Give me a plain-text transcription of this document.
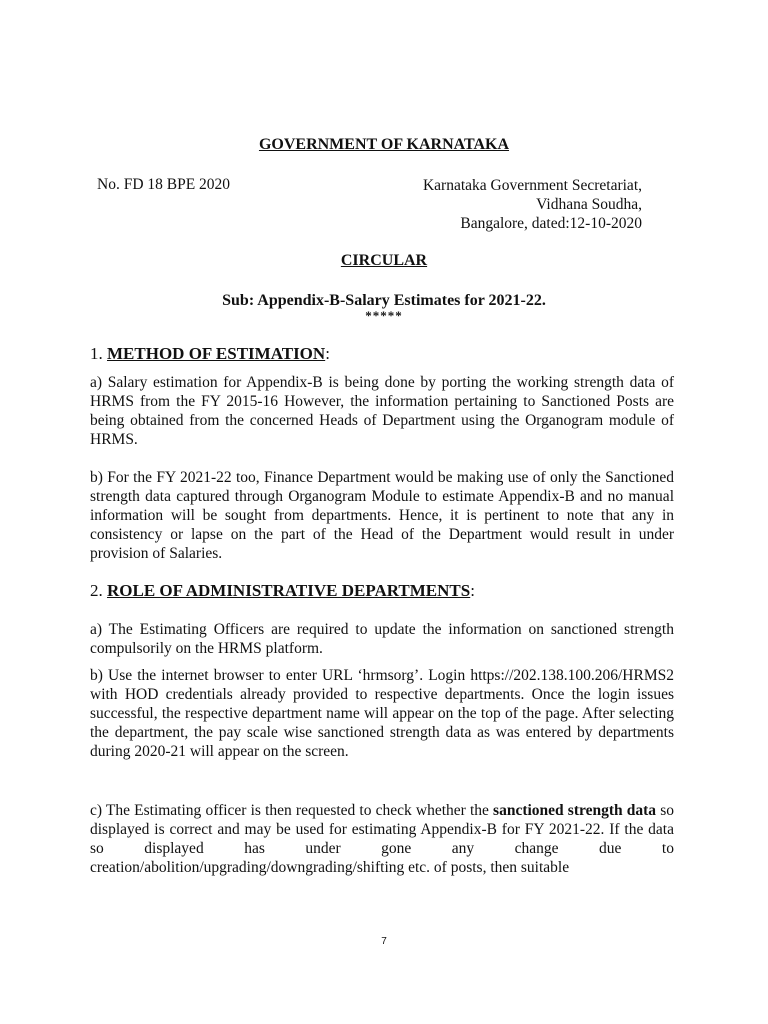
GOVERNMENT OF KARNATAKA
No. FD 18 BPE 2020	Karnataka Government Secretariat,
Vidhana Soudha,
Bangalore, dated:12-10-2020
CIRCULAR
Sub: Appendix-B-Salary Estimates for 2021-22.
*****
1. METHOD OF ESTIMATION:
a) Salary estimation for Appendix-B is being done by porting the working strength data of HRMS from the FY 2015-16 However, the information pertaining to Sanctioned Posts are being obtained from the concerned Heads of Department using the Organogram module of HRMS.
b) For the FY 2021-22 too, Finance Department would be making use of only the Sanctioned strength data captured through Organogram Module to estimate Appendix-B and no manual information will be sought from departments. Hence, it is pertinent to note that any in consistency or lapse on the part of the Head of the Department would result in under provision of Salaries.
2. ROLE OF ADMINISTRATIVE DEPARTMENTS:
a) The Estimating Officers are required to update the information on sanctioned strength compulsorily on the HRMS platform.
b) Use the internet browser to enter URL ‘hrmsorg’. Login https://202.138.100.206/HRMS2 with HOD credentials already provided to respective departments. Once the login issues successful, the respective department name will appear on the top of the page. After selecting the department, the pay scale wise sanctioned strength data as was entered by departments during 2020-21 will appear on the screen.
c) The Estimating officer is then requested to check whether the sanctioned strength data so displayed is correct and may be used for estimating Appendix-B for FY 2021-22. If the data so displayed has under gone any change due to creation/abolition/upgrading/downgrading/shifting etc. of posts, then suitable
7
